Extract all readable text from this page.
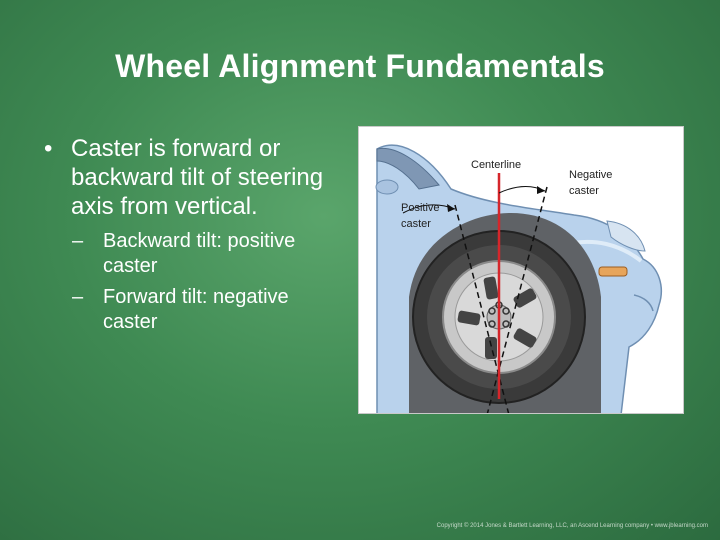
Wheel Alignment Fundamentals
• Caster is forward or backward tilt of steering axis from vertical.
– Backward tilt: positive caster
– Forward tilt: negative caster
Centerline
Negative
caster
Positive
caster
Copyright © 2014 Jones & Bartlett Learning, LLC, an Ascend Learning company • www.jblearning.com
